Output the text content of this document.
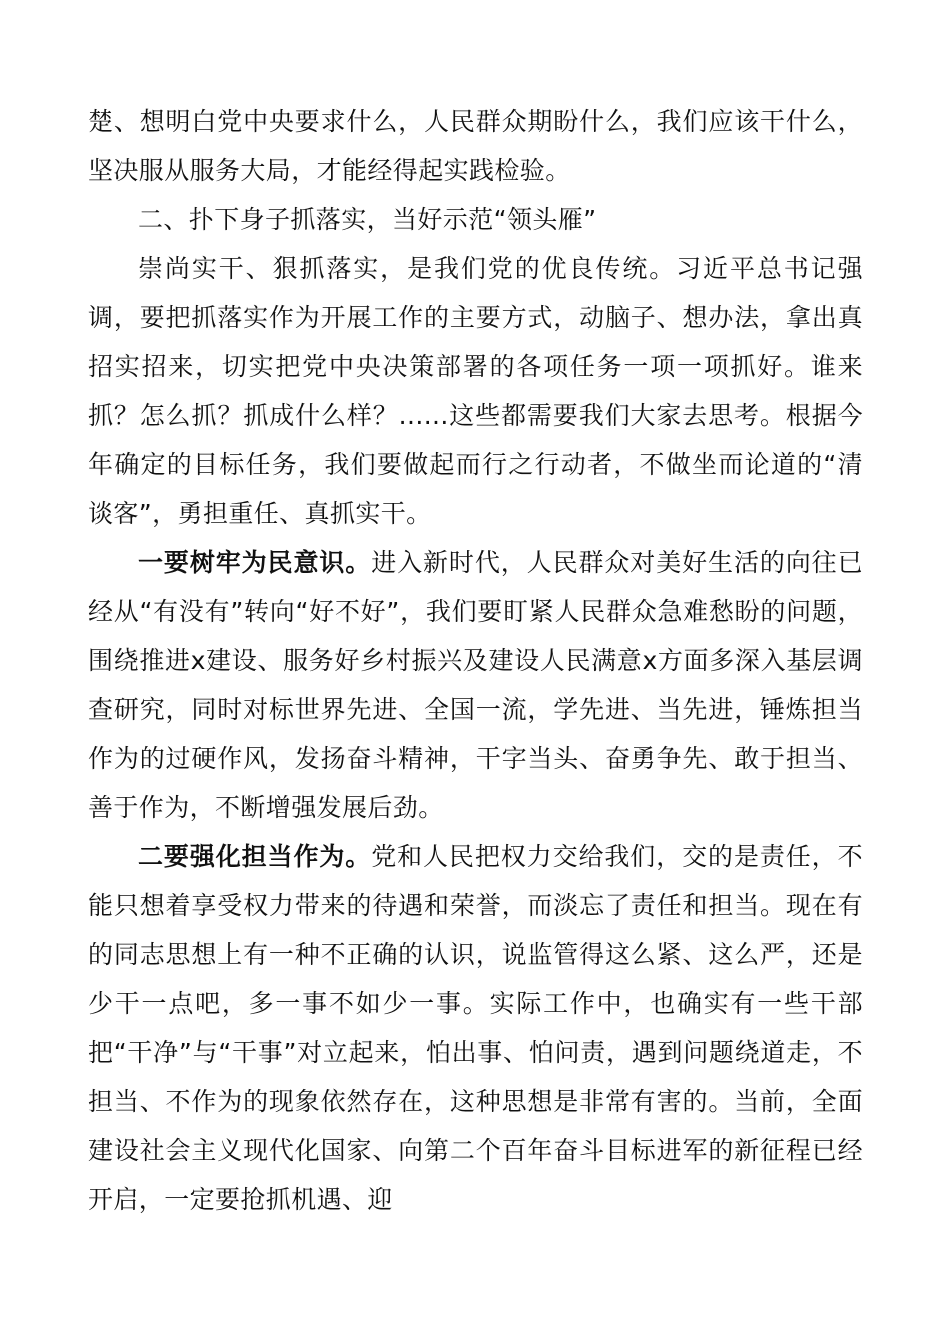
楚、想明白党中央要求什么，人民群众期盼什么，我们应该干什么，坚决服从服务大局，才能经得起实践检验。

二、扑下身子抓落实，当好示范“领头雁”

崇尚实干、狠抓落实，是我们党的优良传统。习近平总书记强调，要把抓落实作为开展工作的主要方式，动脑子、想办法，拿出真招实招来，切实把党中央决策部署的各项任务一项一项抓好。谁来抓？怎么抓？抓成什么样？......这些都需要我们大家去思考。根据今年确定的目标任务，我们要做起而行之行动者，不做坐而论道的“清谈客”，勇担重任、真抓实干。

一要树牢为民意识。进入新时代，人民群众对美好生活的向往已经从“有没有”转向“好不好”，我们要盯紧人民群众急难愁盼的问题，围绕推进x建设、服务好乡村振兴及建设人民满意x方面多深入基层调查研究，同时对标世界先进、全国一流，学先进、当先进，锤炼担当作为的过硬作风，发扬奋斗精神，干字当头、奋勇争先、敢于担当、善于作为，不断增强发展后劲。

二要强化担当作为。党和人民把权力交给我们，交的是责任，不能只想着享受权力带来的待遇和荣誉，而淡忘了责任和担当。现在有的同志思想上有一种不正确的认识，说监管得这么紧、这么严，还是少干一点吧，多一事不如少一事。实际工作中，也确实有一些干部把“干净”与“干事”对立起来，怕出事、怕问责，遇到问题绕道走，不担当、不作为的现象依然存在，这种思想是非常有害的。当前，全面建设社会主义现代化国家、向第二个百年奋斗目标进军的新征程已经开启，一定要抢抓机遇、迎
